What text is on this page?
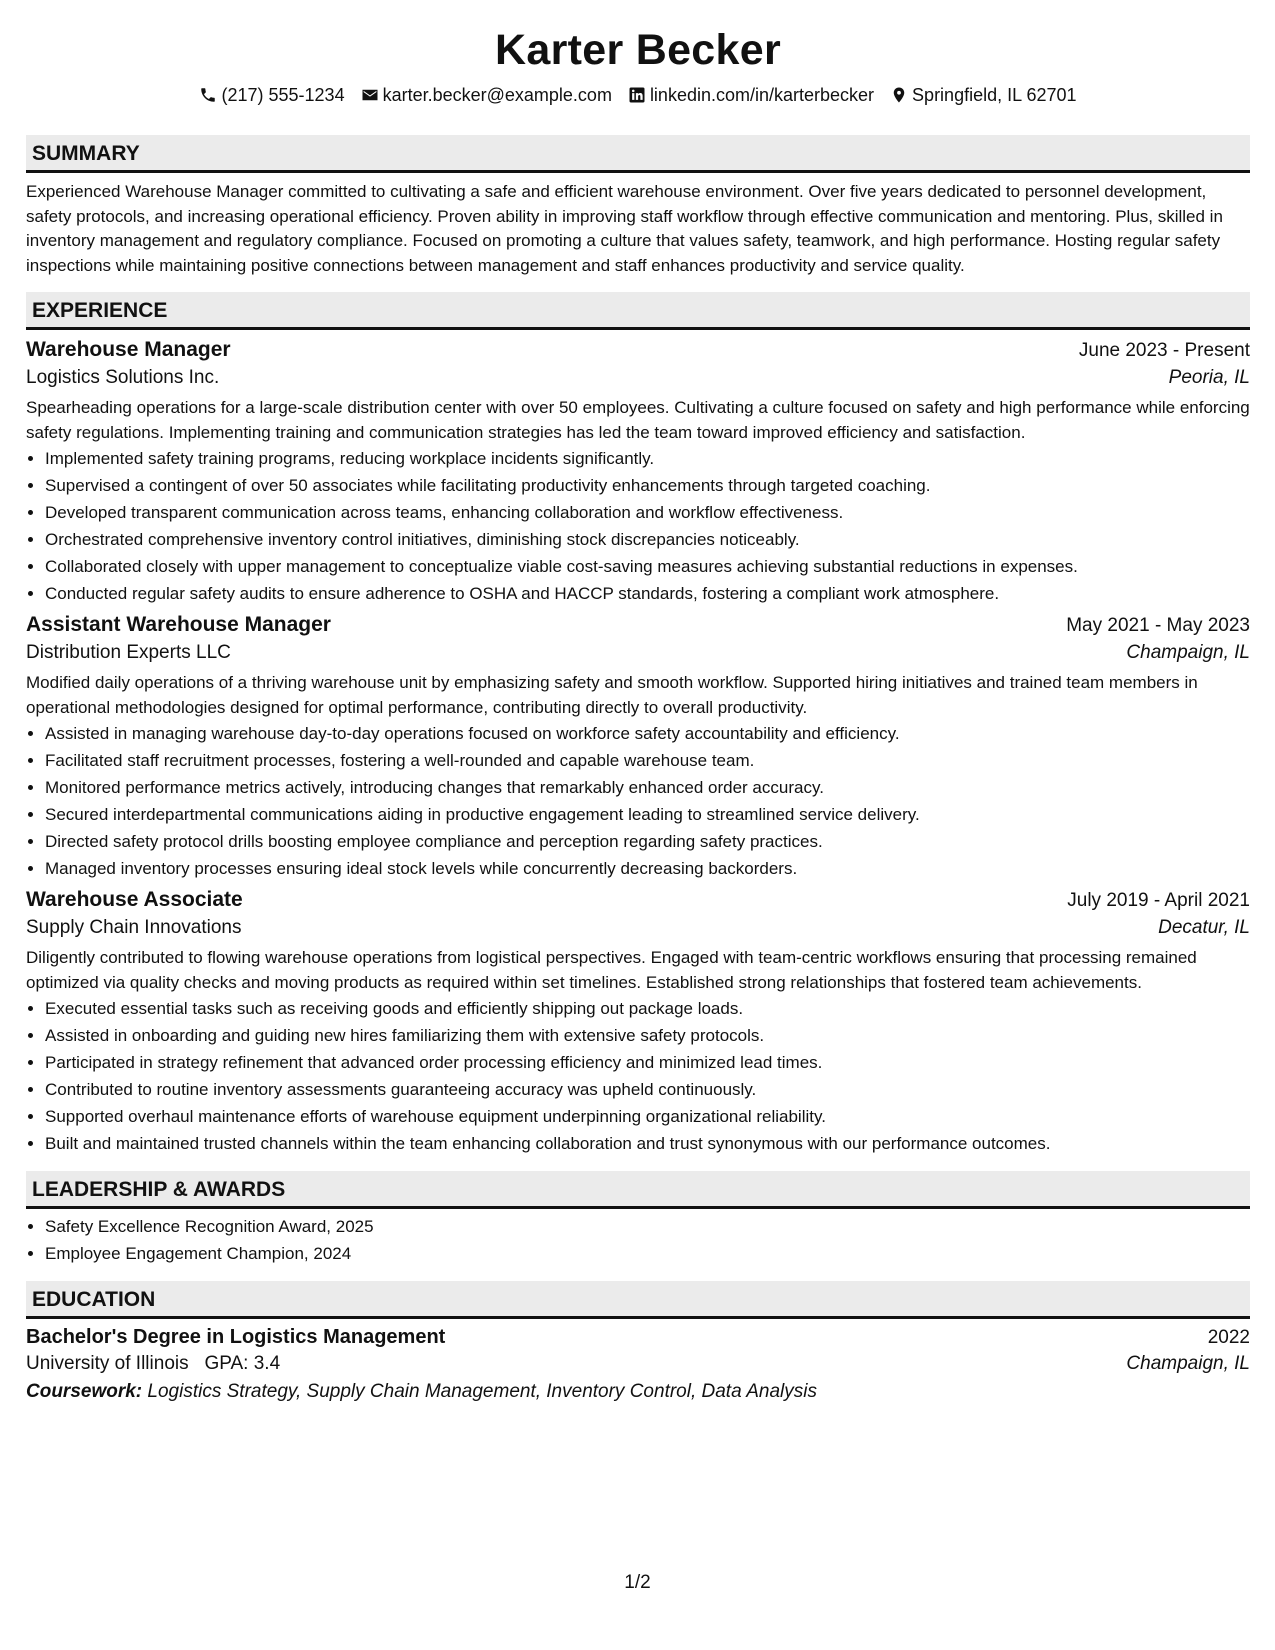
Karter Becker
(217) 555-1234 karter.becker@example.com linkedin.com/in/karterbecker Springfield, IL 62701
SUMMARY
Experienced Warehouse Manager committed to cultivating a safe and efficient warehouse environment. Over five years dedicated to personnel development, safety protocols, and increasing operational efficiency. Proven ability in improving staff workflow through effective communication and mentoring. Plus, skilled in inventory management and regulatory compliance. Focused on promoting a culture that values safety, teamwork, and high performance. Hosting regular safety inspections while maintaining positive connections between management and staff enhances productivity and service quality.
EXPERIENCE
Warehouse Manager	June 2023 - Present
Logistics Solutions Inc.	Peoria, IL
Spearheading operations for a large-scale distribution center with over 50 employees. Cultivating a culture focused on safety and high performance while enforcing safety regulations. Implementing training and communication strategies has led the team toward improved efficiency and satisfaction.
• Implemented safety training programs, reducing workplace incidents significantly.
• Supervised a contingent of over 50 associates while facilitating productivity enhancements through targeted coaching.
• Developed transparent communication across teams, enhancing collaboration and workflow effectiveness.
• Orchestrated comprehensive inventory control initiatives, diminishing stock discrepancies noticeably.
• Collaborated closely with upper management to conceptualize viable cost-saving measures achieving substantial reductions in expenses.
• Conducted regular safety audits to ensure adherence to OSHA and HACCP standards, fostering a compliant work atmosphere.
Assistant Warehouse Manager	May 2021 - May 2023
Distribution Experts LLC	Champaign, IL
Modified daily operations of a thriving warehouse unit by emphasizing safety and smooth workflow. Supported hiring initiatives and trained team members in operational methodologies designed for optimal performance, contributing directly to overall productivity.
• Assisted in managing warehouse day-to-day operations focused on workforce safety accountability and efficiency.
• Facilitated staff recruitment processes, fostering a well-rounded and capable warehouse team.
• Monitored performance metrics actively, introducing changes that remarkably enhanced order accuracy.
• Secured interdepartmental communications aiding in productive engagement leading to streamlined service delivery.
• Directed safety protocol drills boosting employee compliance and perception regarding safety practices.
• Managed inventory processes ensuring ideal stock levels while concurrently decreasing backorders.
Warehouse Associate	July 2019 - April 2021
Supply Chain Innovations	Decatur, IL
Diligently contributed to flowing warehouse operations from logistical perspectives. Engaged with team-centric workflows ensuring that processing remained optimized via quality checks and moving products as required within set timelines. Established strong relationships that fostered team achievements.
• Executed essential tasks such as receiving goods and efficiently shipping out package loads.
• Assisted in onboarding and guiding new hires familiarizing them with extensive safety protocols.
• Participated in strategy refinement that advanced order processing efficiency and minimized lead times.
• Contributed to routine inventory assessments guaranteeing accuracy was upheld continuously.
• Supported overhaul maintenance efforts of warehouse equipment underpinning organizational reliability.
• Built and maintained trusted channels within the team enhancing collaboration and trust synonymous with our performance outcomes.
LEADERSHIP & AWARDS
• Safety Excellence Recognition Award, 2025
• Employee Engagement Champion, 2024
EDUCATION
Bachelor's Degree in Logistics Management	2022
University of Illinois GPA: 3.4	Champaign, IL
Coursework: Logistics Strategy, Supply Chain Management, Inventory Control, Data Analysis
1/2
